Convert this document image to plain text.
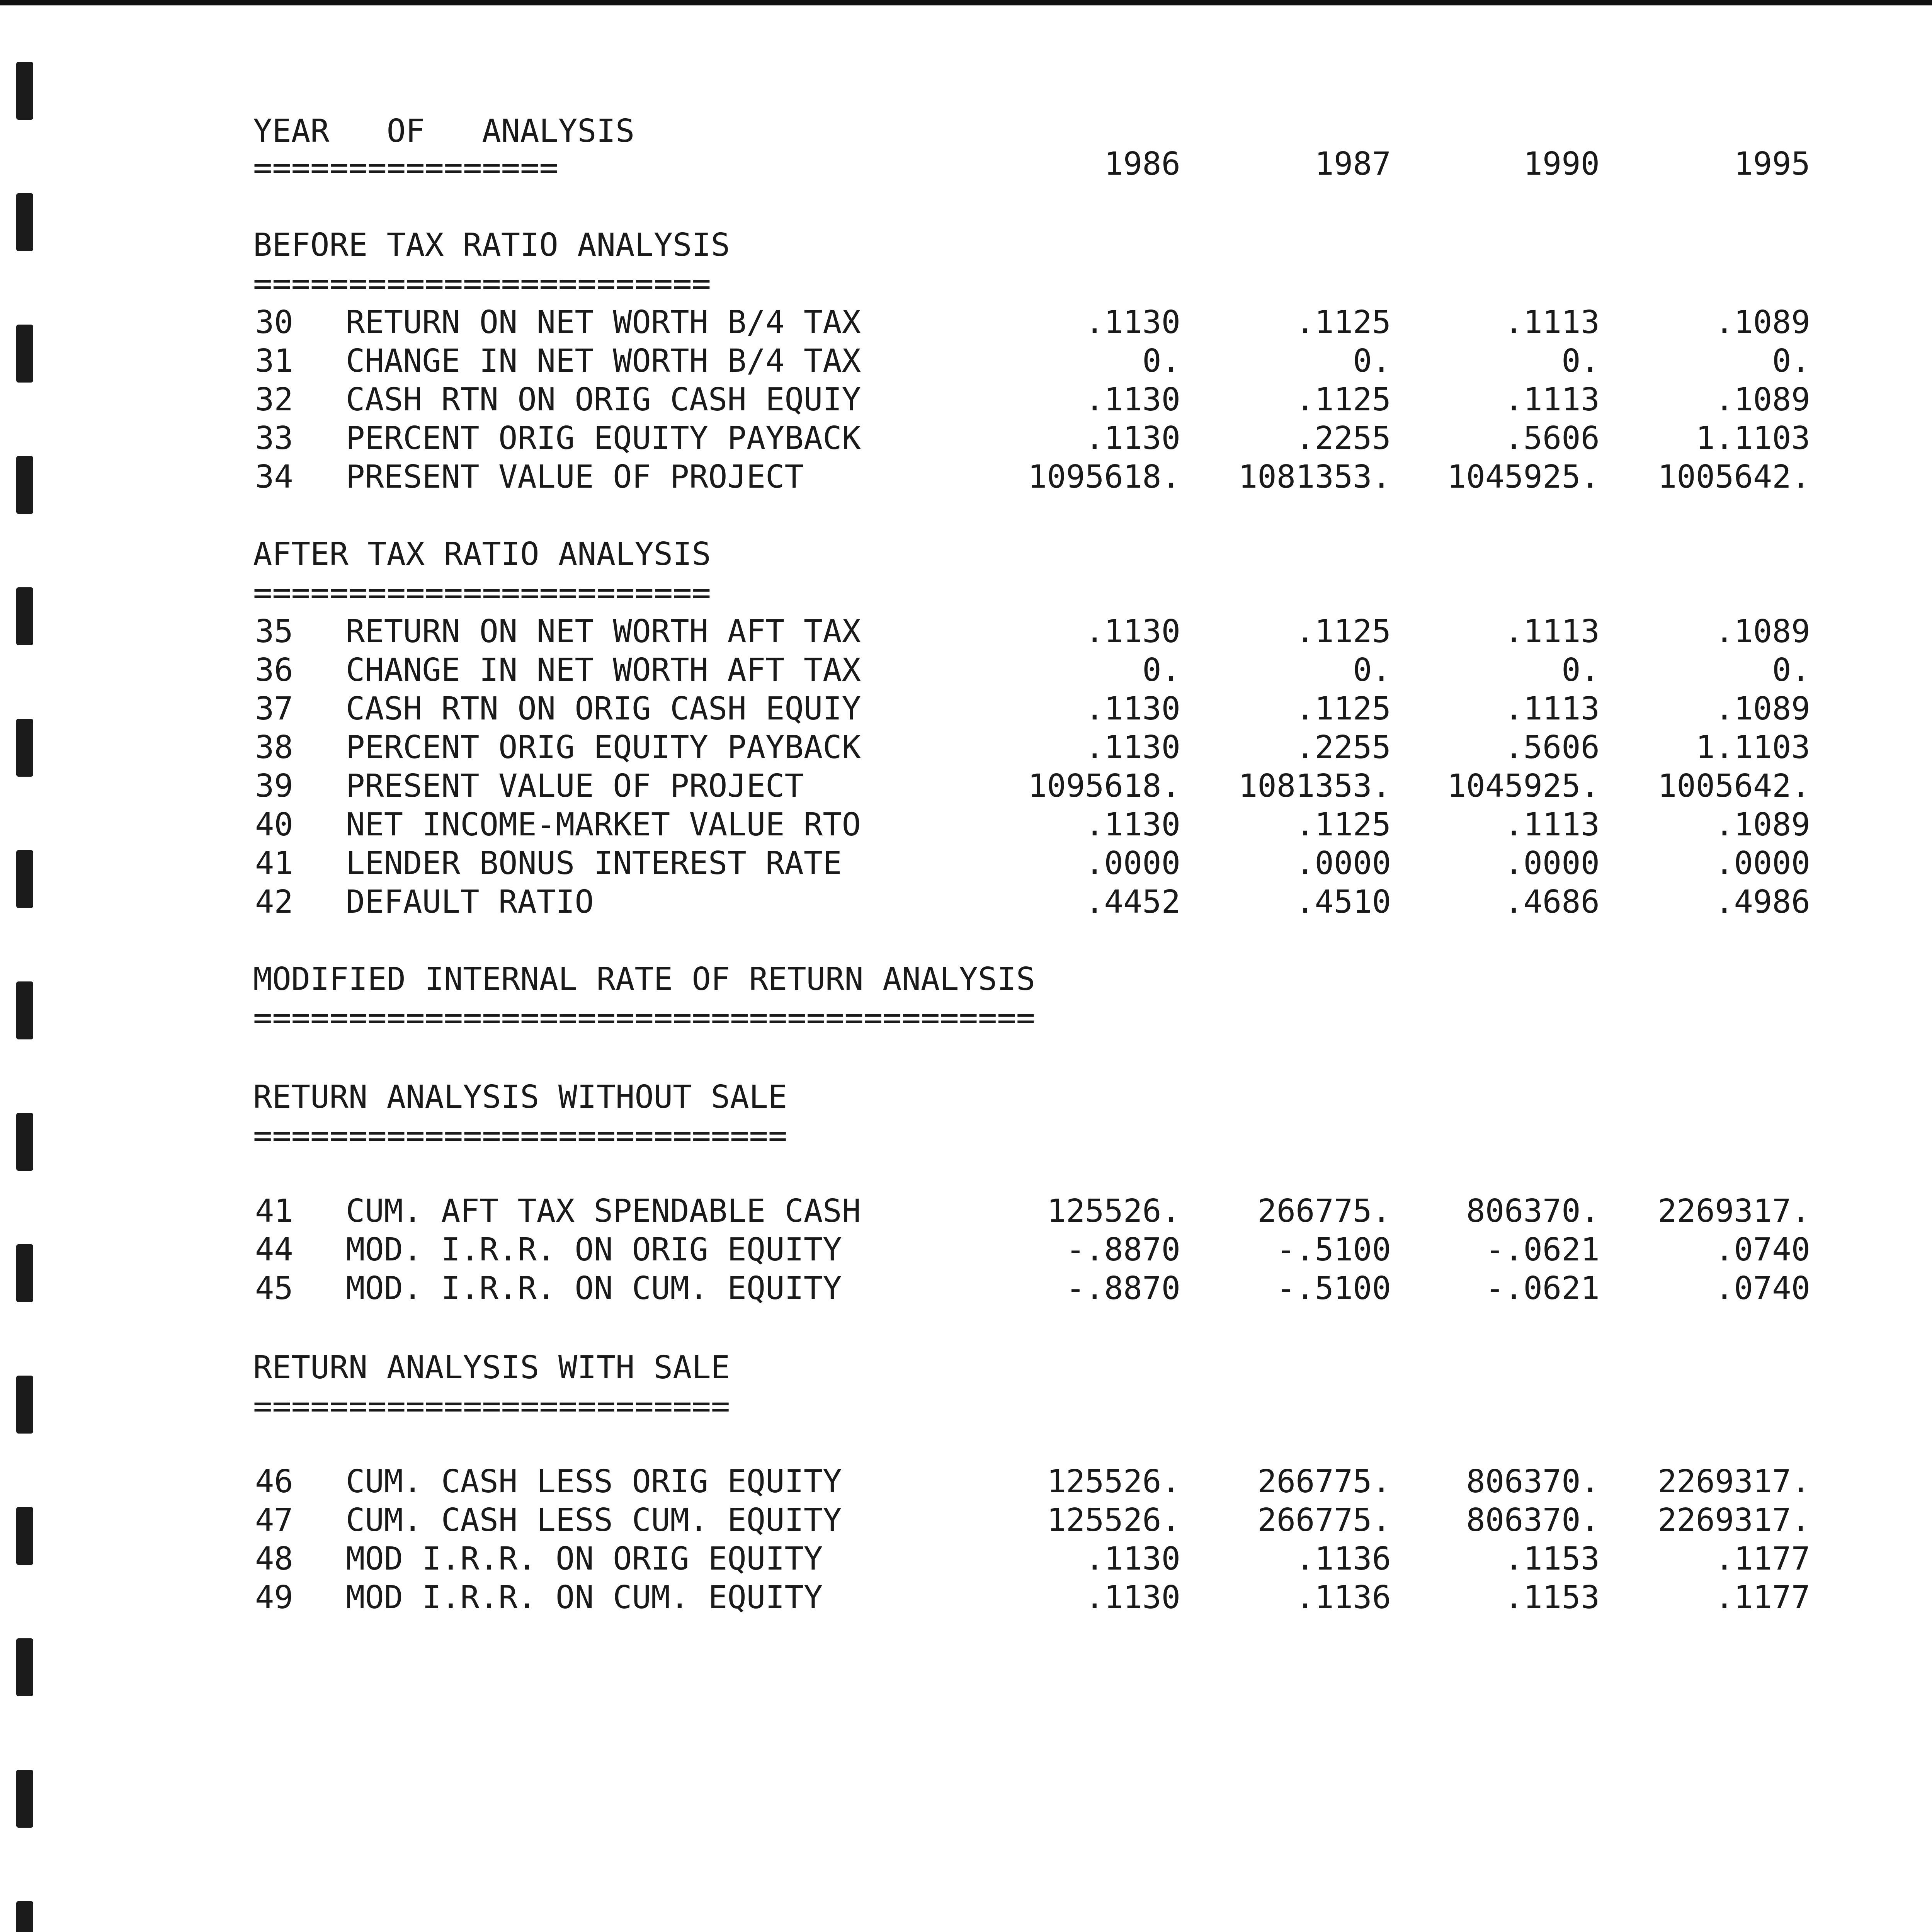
YEAR   OF   ANALYSIS
================	1986	1987	1990	1995
BEFORE TAX RATIO ANALYSIS
========================
30 RETURN ON NET WORTH B/4 TAX	.1130	.1125	.1113	.1089
31 CHANGE IN NET WORTH B/4 TAX	0.	0.	0.	0.
32 CASH RTN ON ORIG CASH EQUIY	.1130	.1125	.1113	.1089
33 PERCENT ORIG EQUITY PAYBACK	.1130	.2255	.5606	1.1103
34 PRESENT VALUE OF PROJECT	1095618.	1081353.	1045925.	1005642.
AFTER TAX RATIO ANALYSIS
========================
35 RETURN ON NET WORTH AFT TAX	.1130	.1125	.1113	.1089
36 CHANGE IN NET WORTH AFT TAX	0.	0.	0.	0.
37 CASH RTN ON ORIG CASH EQUIY	.1130	.1125	.1113	.1089
38 PERCENT ORIG EQUITY PAYBACK	.1130	.2255	.5606	1.1103
39 PRESENT VALUE OF PROJECT	1095618.	1081353.	1045925.	1005642.
40 NET INCOME-MARKET VALUE RTO	.1130	.1125	.1113	.1089
41 LENDER BONUS INTEREST RATE	.0000	.0000	.0000	.0000
42 DEFAULT RATIO	.4452	.4510	.4686	.4986
MODIFIED INTERNAL RATE OF RETURN ANALYSIS
=========================================
RETURN ANALYSIS WITHOUT SALE
============================
41 CUM. AFT TAX SPENDABLE CASH	125526.	266775.	806370.	2269317.
44 MOD. I.R.R. ON ORIG EQUITY	-.8870	-.5100	-.0621	.0740
45 MOD. I.R.R. ON CUM. EQUITY	-.8870	-.5100	-.0621	.0740
RETURN ANALYSIS WITH SALE
=========================
46 CUM. CASH LESS ORIG EQUITY	125526.	266775.	806370.	2269317.
47 CUM. CASH LESS CUM. EQUITY	125526.	266775.	806370.	2269317.
48 MOD I.R.R. ON ORIG EQUITY	.1130	.1136	.1153	.1177
49 MOD I.R.R. ON CUM. EQUITY	.1130	.1136	.1153	.1177
